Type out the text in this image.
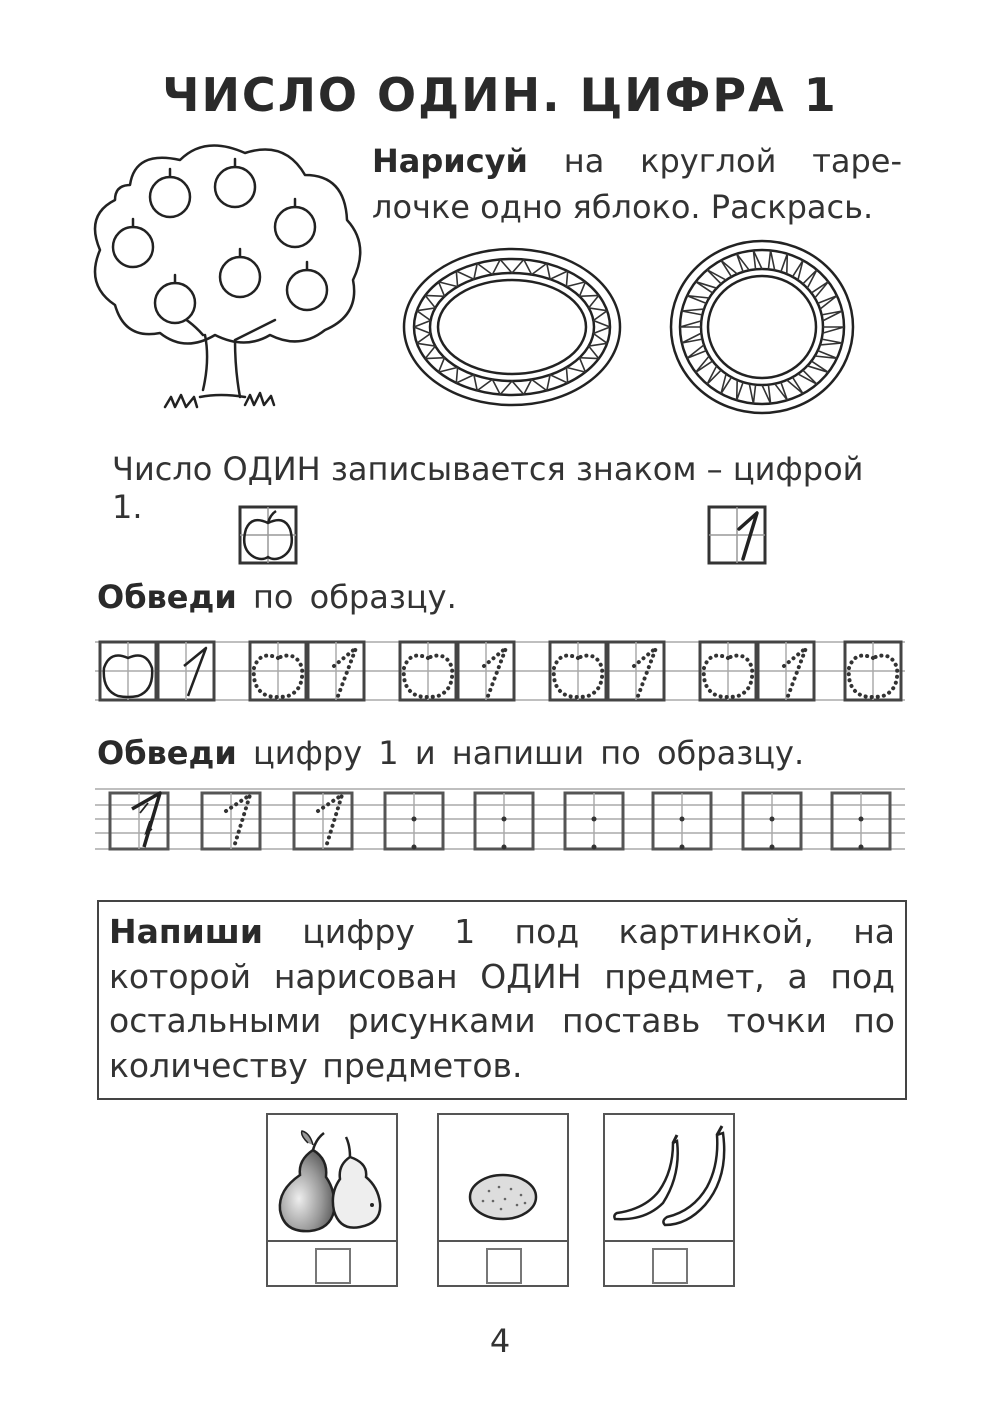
ЧИСЛО ОДИН. ЦИФРА 1
Нарисуй на круглой таре-лочке одно яблоко. Раскрась.
Число ОДИН записывается знаком – цифрой 1.
Обведи по образцу.
Обведи цифру 1 и напиши по образцу.
Напиши цифру 1 под картинкой, на которой нарисован ОДИН предмет, а под остальными рисунками поставь точки по количеству предметов.
4
